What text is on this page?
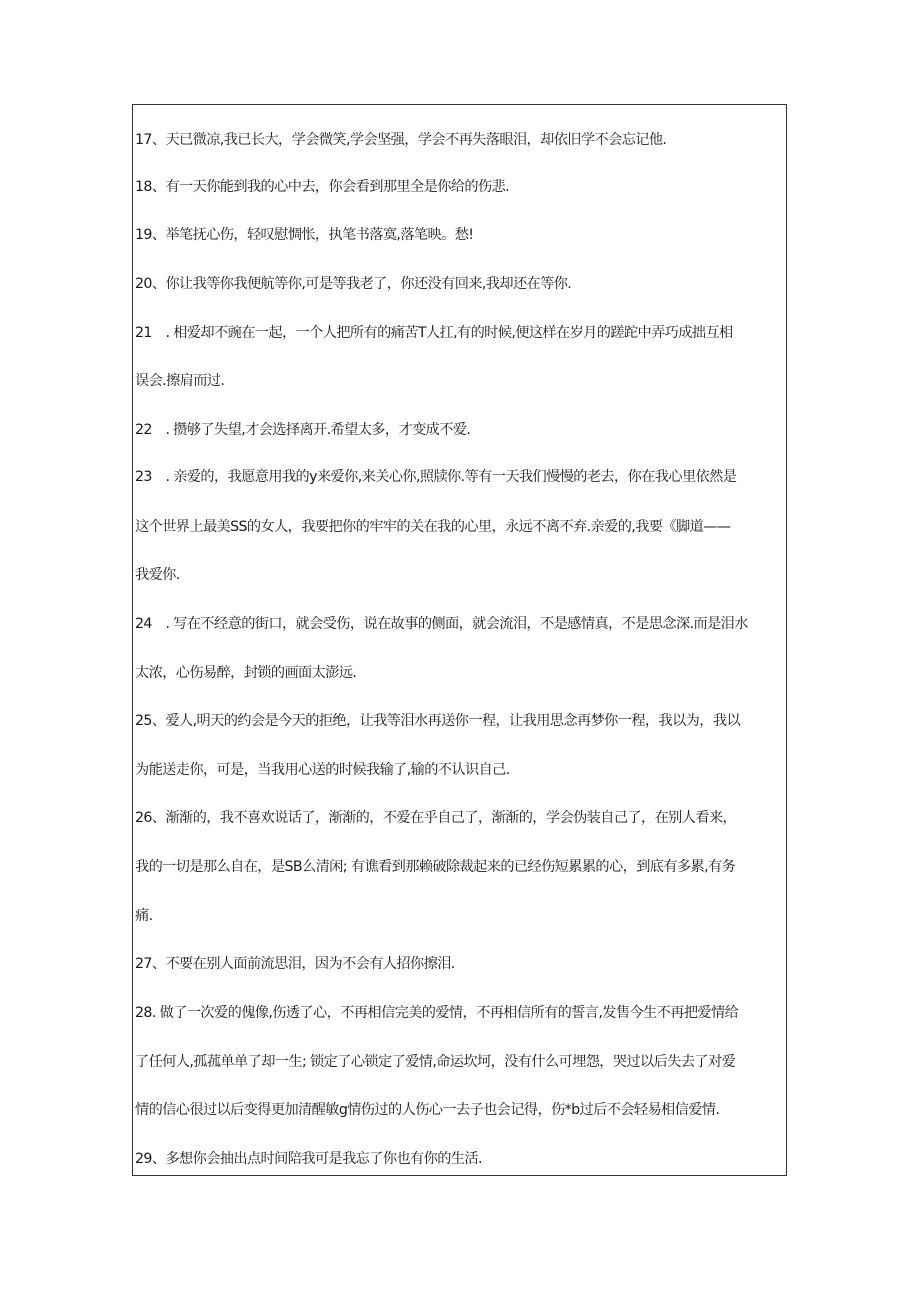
17、天已微凉,我已长大，学会微笑,学会坚强，学会不再失落眼泪，却依旧学不会忘记他.
18、有一天你能到我的心中去，你会看到那里全是你给的伤悲.
19、举笔抚心伤，轻叹慰惆怅，执笔书落寞,落笔映。愁!
20、你让我等你我便航等你,可是等我老了，你还没有回来,我却还在等你.
21　. 相爱却不豌在一起，一个人把所有的痛苦T人扛,有的时候,便这样在岁月的蹉跎中弄巧成拙互相
误会.擦肩而过.
22　. 攒够了失望,才会选择离开.希望太多，才变成不爱.
23　. 亲爱的，我愿意用我的y来爱你,来关心你,照牍你.等有一天我们慢慢的老去，你在我心里依然是
这个世界上最美SS的女人，我要把你的牢牢的关在我的心里，永远不离不弃.亲爱的,我要《脚道——
我爱你.
24　. 写在不经意的街口，就会受伤，说在故事的侧面，就会流泪，不是感情真，不是思念深.而是泪水
太浓，心伤易醉，封锁的画面太澎远.
25、爱人,明天的约会是今天的拒绝，让我等泪水再送你一程，让我用思念再梦你一程，我以为，我以
为能送走你，可是，当我用心送的时候我输了,输的不认识自己.
26、渐渐的，我不喜欢说话了，渐渐的，不爱在乎自己了，渐渐的，学会伪装自己了，在别人看来，
我的一切是那么自在，是SB么清闲; 有谯看到那赖破除裁起来的已经伤短累累的心，到底有多累,有务
痛.
27、不要在别人面前流思泪，因为不会有人招你擦泪.
28. 做了一次爱的傀像,伤透了心，不再相信完美的爱情，不再相信所有的誓言,发售今生不再把爱情给
了任何人,孤菰单单了却一生; 锁定了心锁定了爱情,命运坎坷，没有什么可埋怨，哭过以后失去了对爱
情的信心很过以后变得更加清醒敏g情伤过的人伤心一去子也会记得，伤*b过后不会轻易相信爱情.
29、多想你会抽出点时间陪我可是我忘了你也有你的生活.
